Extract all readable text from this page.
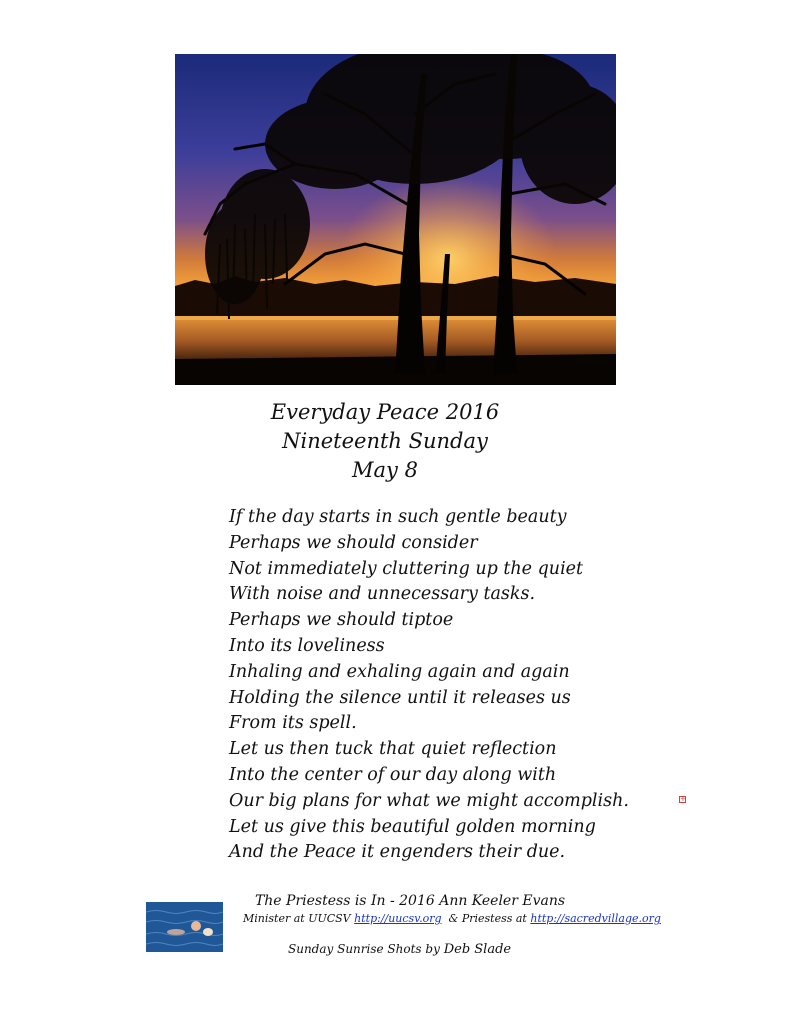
Everyday Peace 2016
Nineteenth Sunday
May 8
If the day starts in such gentle beauty
Perhaps we should consider
Not immediately cluttering up the quiet
With noise and unnecessary tasks.
Perhaps we should tiptoe
Into its loveliness
Inhaling and exhaling again and again
Holding the silence until it releases us
From its spell.
Let us then tuck that quiet reflection
Into the center of our day along with
Our big plans for what we might accomplish.
Let us give this beautiful golden morning
And the Peace it engenders their due.
+
The Priestess is In - 2016 Ann Keeler Evans
Minister at UUCSV http://uucsv.org & Priestess at http://sacredvillage.org
Sunday Sunrise Shots by Deb Slade
